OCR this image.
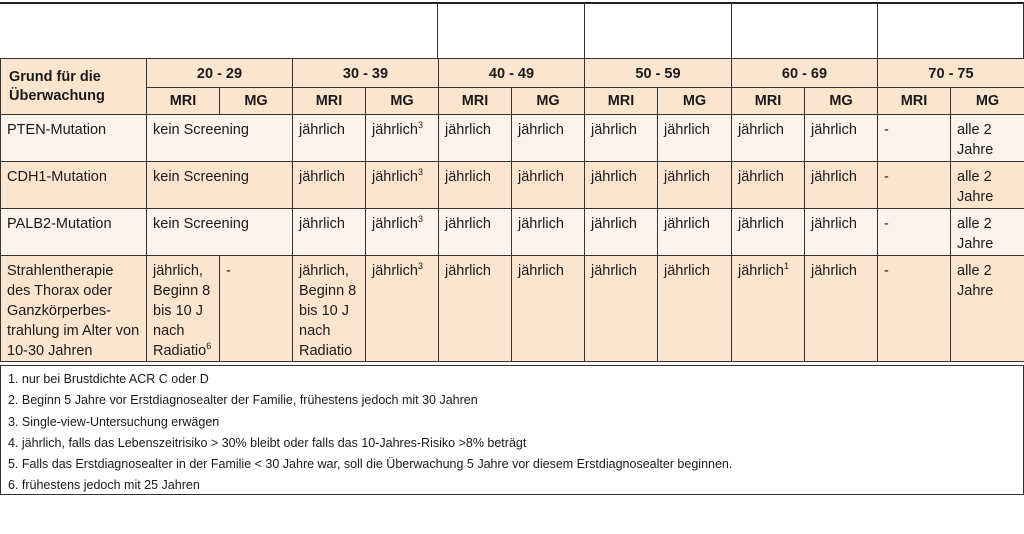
Grund für die Überwachung	20 - 29		30 - 39		40 - 49		50 - 59		60 - 69		70 - 75	
	MRI	MG	MRI	MG	MRI	MG	MRI	MG	MRI	MG	MRI	MG
PTEN-Mutation	kein Screening		jährlich	jährlich$^3$	jährlich	jährlich	jährlich	jährlich	jährlich	jährlich	-	alle 2 Jahre
CDH1-Mutation	kein Screening		jährlich	jährlich$^3$	jährlich	jährlich	jährlich	jährlich	jährlich	jährlich	-	alle 2 Jahre
PALB2-Mutation	kein Screening		jährlich	jährlich$^3$	jährlich	jährlich	jährlich	jährlich	jährlich	jährlich	-	alle 2 Jahre
Strahlentherapie des Thorax oder Ganzkörperbes-trahlung im Alter von 10-30 Jahren	jährlich, Beginn 8 bis 10 J nach Radiatio$^6$	-	jährlich, Beginn 8 bis 10 J nach Radiatio	jährlich$^3$	jährlich	jährlich	jährlich	jährlich	jährlich$^1$	jährlich	-	alle 2 Jahre
1. nur bei Brustdichte ACR C oder D
2. Beginn 5 Jahre vor Erstdiagnosealter der Familie, frühestens jedoch mit 30 Jahren
3. Single-view-Untersuchung erwägen
4. jährlich, falls das Lebenszeitrisiko > 30% bleibt oder falls das 10-Jahres-Risiko >8% beträgt
5. Falls das Erstdiagnosealter in der Familie < 30 Jahre war, soll die Überwachung 5 Jahre vor diesem Erstdiagnosealter beginnen.
6. frühestens jedoch mit 25 Jahren
